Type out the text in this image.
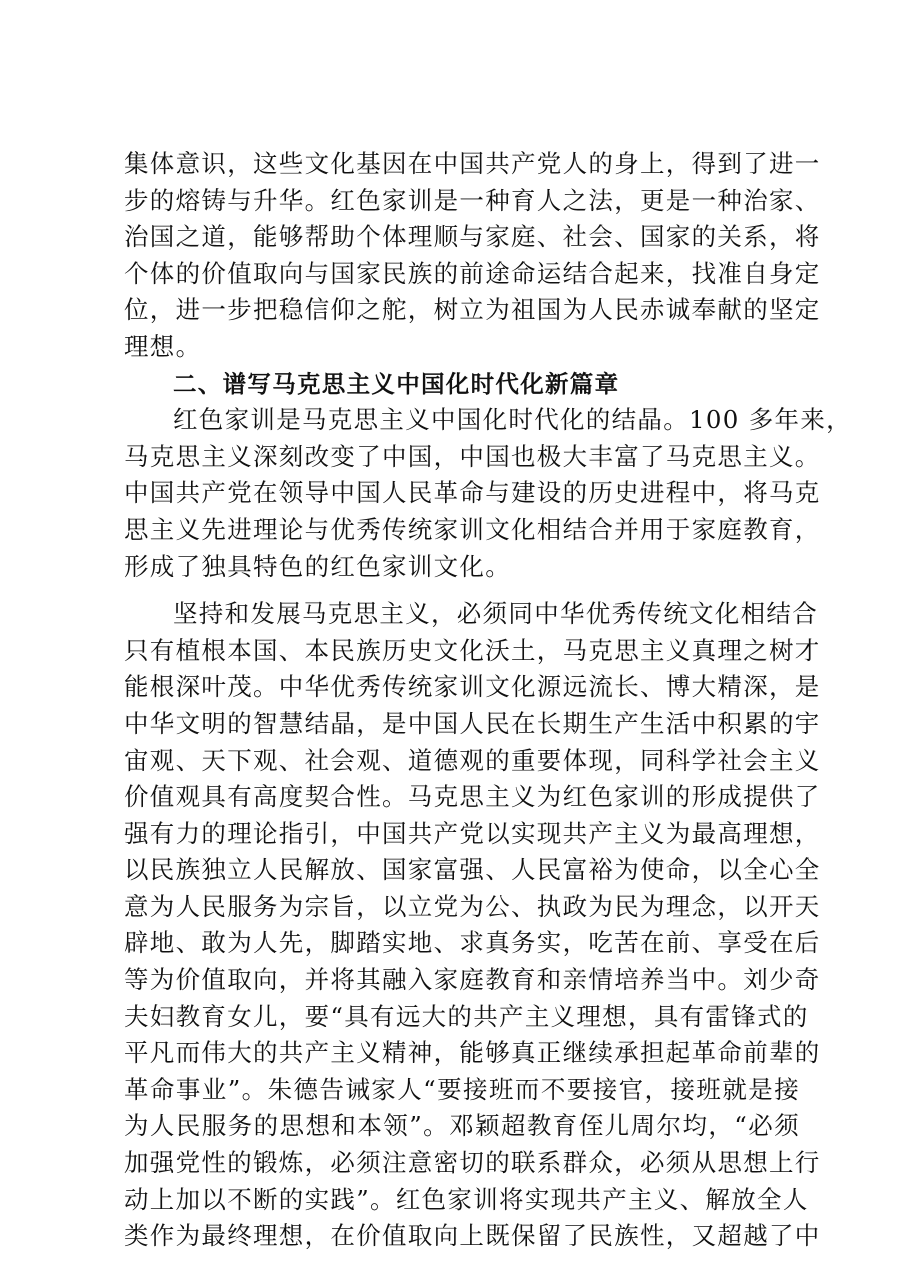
集体意识，这些文化基因在中国共产党人的身上，得到了进一
步的熔铸与升华。红色家训是一种育人之法，更是一种治家、
治国之道，能够帮助个体理顺与家庭、社会、国家的关系，将
个体的价值取向与国家民族的前途命运结合起来，找准自身定
位，进一步把稳信仰之舵，树立为祖国为人民赤诚奉献的坚定
理想。
二、谱写马克思主义中国化时代化新篇章
红色家训是马克思主义中国化时代化的结晶。100 多年来，
马克思主义深刻改变了中国，中国也极大丰富了马克思主义。
中国共产党在领导中国人民革命与建设的历史进程中，将马克
思主义先进理论与优秀传统家训文化相结合并用于家庭教育，
形成了独具特色的红色家训文化。
坚持和发展马克思主义，必须同中华优秀传统文化相结合
只有植根本国、本民族历史文化沃土，马克思主义真理之树才
能根深叶茂。中华优秀传统家训文化源远流长、博大精深，是
中华文明的智慧结晶，是中国人民在长期生产生活中积累的宇
宙观、天下观、社会观、道德观的重要体现，同科学社会主义
价值观具有高度契合性。马克思主义为红色家训的形成提供了
强有力的理论指引，中国共产党以实现共产主义为最高理想，
以民族独立人民解放、国家富强、人民富裕为使命，以全心全
意为人民服务为宗旨，以立党为公、执政为民为理念，以开天
辟地、敢为人先，脚踏实地、求真务实，吃苦在前、享受在后
等为价值取向，并将其融入家庭教育和亲情培养当中。刘少奇
夫妇教育女儿，要“具有远大的共产主义理想，具有雷锋式的
平凡而伟大的共产主义精神，能够真正继续承担起革命前辈的
革命事业”。朱德告诫家人“要接班而不要接官，接班就是接
为人民服务的思想和本领”。邓颖超教育侄儿周尔均，“必须
加强党性的锻炼，必须注意密切的联系群众，必须从思想上行
动上加以不断的实践”。红色家训将实现共产主义、解放全人
类作为最终理想，在价值取向上既保留了民族性，又超越了中
